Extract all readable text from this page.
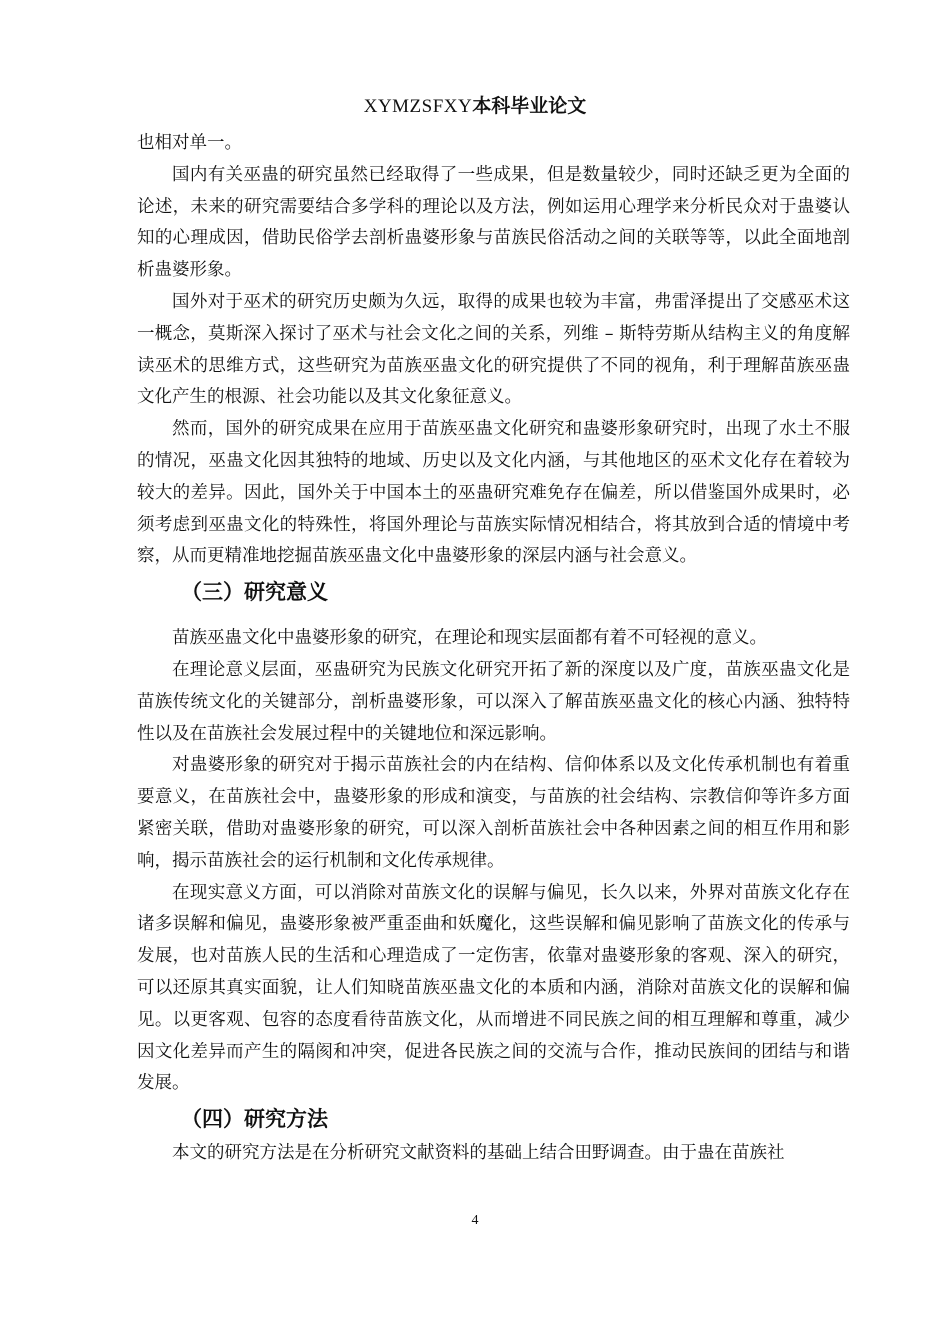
XYMZSFXY本科毕业论文

也相对单一。

国内有关巫蛊的研究虽然已经取得了一些成果，但是数量较少，同时还缺乏更为全面的论述，未来的研究需要结合多学科的理论以及方法，例如运用心理学来分析民众对于蛊婆认知的心理成因，借助民俗学去剖析蛊婆形象与苗族民俗活动之间的关联等等，以此全面地剖析蛊婆形象。

国外对于巫术的研究历史颇为久远，取得的成果也较为丰富，弗雷泽提出了交感巫术这一概念，莫斯深入探讨了巫术与社会文化之间的关系，列维 – 斯特劳斯从结构主义的角度解读巫术的思维方式，这些研究为苗族巫蛊文化的研究提供了不同的视角，利于理解苗族巫蛊文化产生的根源、社会功能以及其文化象征意义。

然而，国外的研究成果在应用于苗族巫蛊文化研究和蛊婆形象研究时，出现了水土不服的情况，巫蛊文化因其独特的地域、历史以及文化内涵，与其他地区的巫术文化存在着较为较大的差异。因此，国外关于中国本土的巫蛊研究难免存在偏差，所以借鉴国外成果时，必须考虑到巫蛊文化的特殊性，将国外理论与苗族实际情况相结合，将其放到合适的情境中考察，从而更精准地挖掘苗族巫蛊文化中蛊婆形象的深层内涵与社会意义。

（三）研究意义

苗族巫蛊文化中蛊婆形象的研究，在理论和现实层面都有着不可轻视的意义。

在理论意义层面，巫蛊研究为民族文化研究开拓了新的深度以及广度，苗族巫蛊文化是苗族传统文化的关键部分，剖析蛊婆形象，可以深入了解苗族巫蛊文化的核心内涵、独特特性以及在苗族社会发展过程中的关键地位和深远影响。

对蛊婆形象的研究对于揭示苗族社会的内在结构、信仰体系以及文化传承机制也有着重要意义，在苗族社会中，蛊婆形象的形成和演变，与苗族的社会结构、宗教信仰等许多方面紧密关联，借助对蛊婆形象的研究，可以深入剖析苗族社会中各种因素之间的相互作用和影响，揭示苗族社会的运行机制和文化传承规律。

在现实意义方面，可以消除对苗族文化的误解与偏见，长久以来，外界对苗族文化存在诸多误解和偏见，蛊婆形象被严重歪曲和妖魔化，这些误解和偏见影响了苗族文化的传承与发展，也对苗族人民的生活和心理造成了一定伤害，依靠对蛊婆形象的客观、深入的研究，可以还原其真实面貌，让人们知晓苗族巫蛊文化的本质和内涵，消除对苗族文化的误解和偏见。以更客观、包容的态度看待苗族文化，从而增进不同民族之间的相互理解和尊重，减少因文化差异而产生的隔阂和冲突，促进各民族之间的交流与合作，推动民族间的团结与和谐发展。

（四）研究方法

本文的研究方法是在分析研究文献资料的基础上结合田野调查。由于蛊在苗族社

4
